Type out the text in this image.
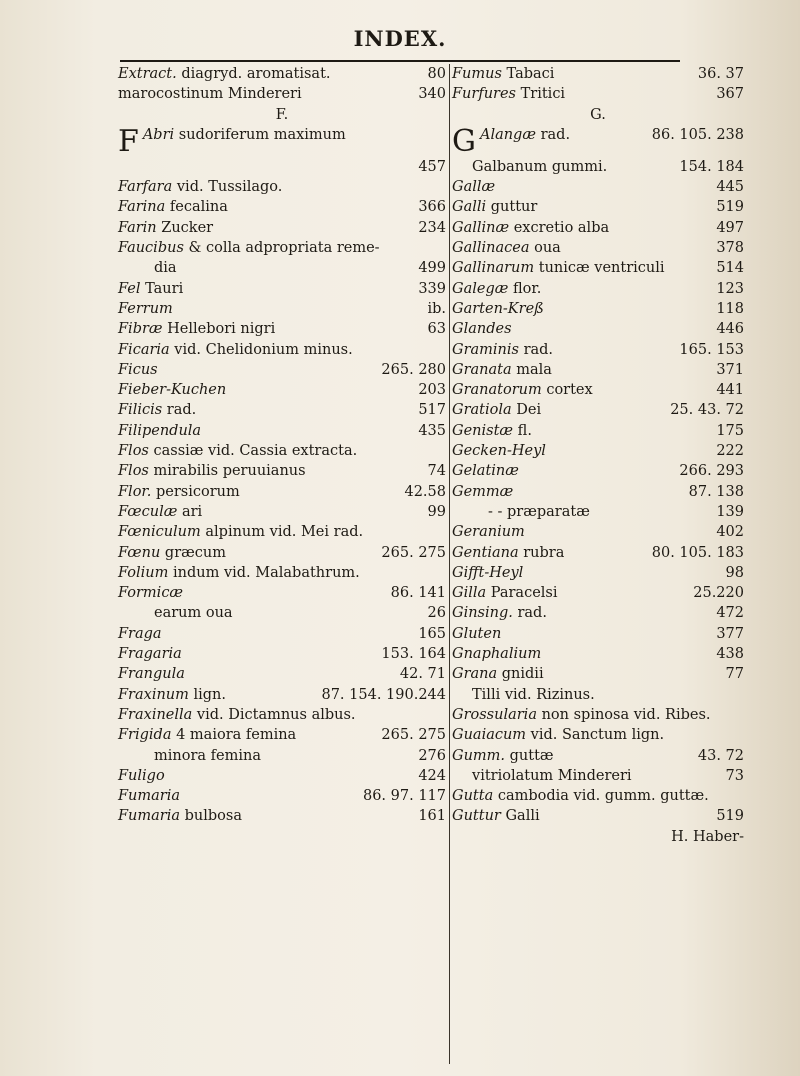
INDEX.
Extract. diagryd. aromatisat.	80
marocostinum Mindereri	340
F.
F Abri sudoriferum maximum
457
Farfara vid. Tussilago.
Farina fecalina	366
Farin Zucker	234
Faucibus & colla adpropriata reme-
dia	499
Fel Tauri	339
Ferrum	ib.
Fibræ Hellebori nigri	63
Ficaria vid. Chelidonium minus.
Ficus	265. 280
Fieber-Kuchen	203
Filicis rad.	517
Filipendula	435
Flos cassiæ vid. Cassia extracta.
Flos mirabilis peruuianus	74
Flor. persicorum	42.58
Fœculæ ari	99
Fœniculum alpinum vid. Mei rad.
Fœnu græcum	265. 275
Folium indum vid. Malabathrum.
Formicæ	86. 141
earum oua	26
Fraga	165
Fragaria	153. 164
Frangula	42. 71
Fraxinum lign.	87. 154. 190.244
Fraxinella vid. Dictamnus albus.
Frigida 4 maiora femina	265. 275
minora femina	276
Fuligo	424
Fumaria	86. 97. 117
Fumaria bulbosa	161
Fumus Tabaci	36. 37
Furfures Tritici	367
G.
G Alangæ rad.	86. 105. 238
Galbanum gummi.	154. 184
Gallæ	445
Galli guttur	519
Gallinæ excretio alba	497
Gallinacea oua	378
Gallinarum tunicæ ventriculi	514
Galegæ flor.	123
Garten-Kreß	118
Glandes	446
Graminis rad.	165. 153
Granata mala	371
Granatorum cortex	441
Gratiola Dei	25. 43. 72
Genistæ fl.	175
Gecken-Heyl	222
Gelatinæ	266. 293
Gemmæ	87. 138
- - præparatæ	139
Geranium	402
Gentiana rubra	80. 105. 183
Gifft-Heyl	98
Gilla Paracelsi	25.220
Ginsing. rad.	472
Gluten	377
Gnaphalium	438
Grana gnidii	77
Tilli vid. Rizinus.
Grossularia non spinosa vid. Ribes.
Guaiacum vid. Sanctum lign.
Gumm. guttæ	43. 72
vitriolatum Mindereri	73
Gutta cambodia vid. gumm. guttæ.
Guttur Galli	519
H. Haber-
